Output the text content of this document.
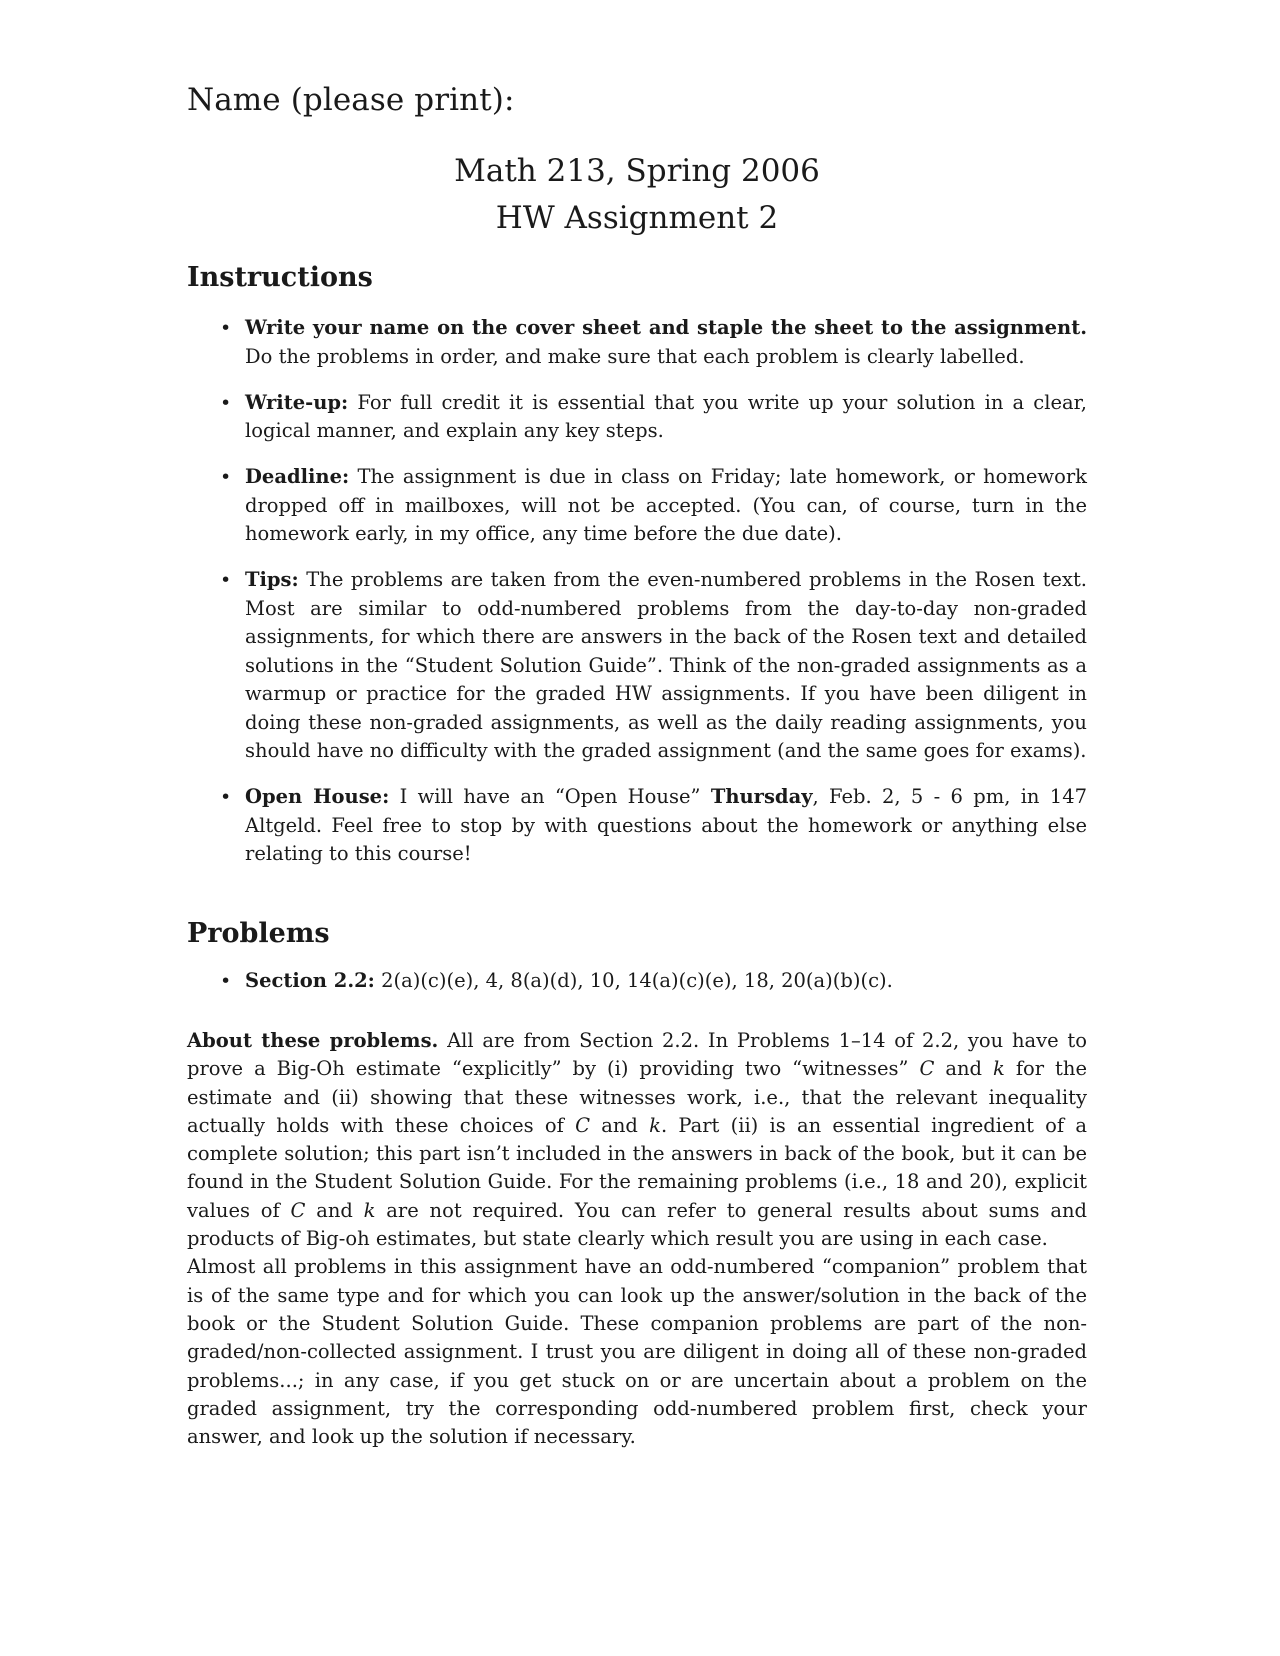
Name (please print):
Math 213, Spring 2006
HW Assignment 2
Instructions
• Write your name on the cover sheet and staple the sheet to the assignment. Do the problems in order, and make sure that each problem is clearly labelled.
• Write-up: For full credit it is essential that you write up your solution in a clear, logical manner, and explain any key steps.
• Deadline: The assignment is due in class on Friday; late homework, or homework dropped off in mailboxes, will not be accepted. (You can, of course, turn in the homework early, in my office, any time before the due date).
• Tips: The problems are taken from the even-numbered problems in the Rosen text. Most are similar to odd-numbered problems from the day-to-day non-graded assignments, for which there are answers in the back of the Rosen text and detailed solutions in the “Student Solution Guide”. Think of the non-graded assignments as a warmup or practice for the graded HW assignments. If you have been diligent in doing these non-graded assignments, as well as the daily reading assignments, you should have no difficulty with the graded assignment (and the same goes for exams).
• Open House: I will have an “Open House” Thursday, Feb. 2, 5 - 6 pm, in 147 Altgeld. Feel free to stop by with questions about the homework or anything else relating to this course!
Problems
• Section 2.2: 2(a)(c)(e), 4, 8(a)(d), 10, 14(a)(c)(e), 18, 20(a)(b)(c).

About these problems. All are from Section 2.2. In Problems 1–14 of 2.2, you have to prove a Big-Oh estimate “explicitly” by (i) providing two “witnesses” C and k for the estimate and (ii) showing that these witnesses work, i.e., that the relevant inequality actually holds with these choices of C and k. Part (ii) is an essential ingredient of a complete solution; this part isn’t included in the answers in back of the book, but it can be found in the Student Solution Guide. For the remaining problems (i.e., 18 and 20), explicit values of C and k are not required. You can refer to general results about sums and products of Big-oh estimates, but state clearly which result you are using in each case.

Almost all problems in this assignment have an odd-numbered “companion” problem that is of the same type and for which you can look up the answer/solution in the back of the book or the Student Solution Guide. These companion problems are part of the non-graded/non-collected assignment. I trust you are diligent in doing all of these non-graded problems...; in any case, if you get stuck on or are uncertain about a problem on the graded assignment, try the corresponding odd-numbered problem first, check your answer, and look up the solution if necessary.
